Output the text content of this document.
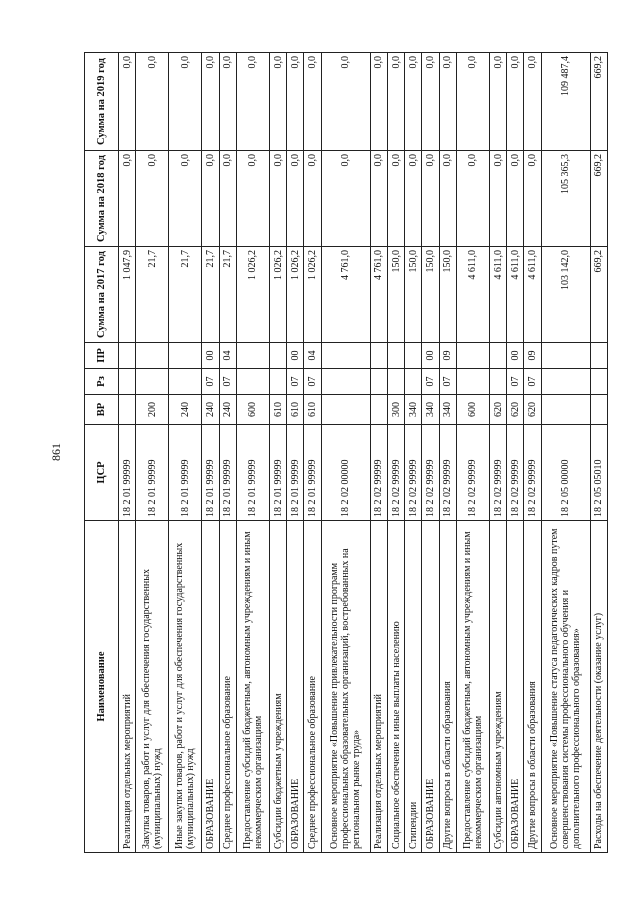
861
Наименование	ЦСР	ВР	Рз	ПР	Сумма на 2017 год	Сумма на 2018 год	Сумма на 2019 год
Реализация отдельных мероприятий	18 2 01 99999				1 047,9	0,0	0,0
Закупка товаров, работ и услуг для обеспечения государственных (муниципальных) нужд	18 2 01 99999	200			21,7	0,0	0,0
Иные закупки товаров, работ и услуг для обеспечения государственных (муниципальных) нужд	18 2 01 99999	240			21,7	0,0	0,0
ОБРАЗОВАНИЕ	18 2 01 99999	240	07	00	21,7	0,0	0,0
Среднее профессиональное образование	18 2 01 99999	240	07	04	21,7	0,0	0,0
Предоставление субсидий бюджетным, автономным учреждениям и иным некоммерческим организациям	18 2 01 99999	600			1 026,2	0,0	0,0
Субсидии бюджетным учреждениям	18 2 01 99999	610			1 026,2	0,0	0,0
ОБРАЗОВАНИЕ	18 2 01 99999	610	07	00	1 026,2	0,0	0,0
Среднее профессиональное образование	18 2 01 99999	610	07	04	1 026,2	0,0	0,0
Основное мероприятие «Повышение привлекательности программ профессиональных образовательных организаций, востребованных на региональном рынке труда»	18 2 02 00000				4 761,0	0,0	0,0
Реализация отдельных мероприятий	18 2 02 99999				4 761,0	0,0	0,0
Социальное обеспечение и иные выплаты населению	18 2 02 99999	300			150,0	0,0	0,0
Стипендии	18 2 02 99999	340			150,0	0,0	0,0
ОБРАЗОВАНИЕ	18 2 02 99999	340	07	00	150,0	0,0	0,0
Другие вопросы в области образования	18 2 02 99999	340	07	09	150,0	0,0	0,0
Предоставление субсидий бюджетным, автономным учреждениям и иным некоммерческим организациям	18 2 02 99999	600			4 611,0	0,0	0,0
Субсидии автономным учреждениям	18 2 02 99999	620			4 611,0	0,0	0,0
ОБРАЗОВАНИЕ	18 2 02 99999	620	07	00	4 611,0	0,0	0,0
Другие вопросы в области образования	18 2 02 99999	620	07	09	4 611,0	0,0	0,0
Основное мероприятие «Повышение статуса педагогических кадров путем совершенствования системы профессионального обучения и дополнительного профессионального образования»	18 2 05 00000				103 142,0	105 365,3	109 487,4
Расходы на обеспечение деятельности (оказание услуг)	18 2 05 05010				669,2	669,2	669,2
